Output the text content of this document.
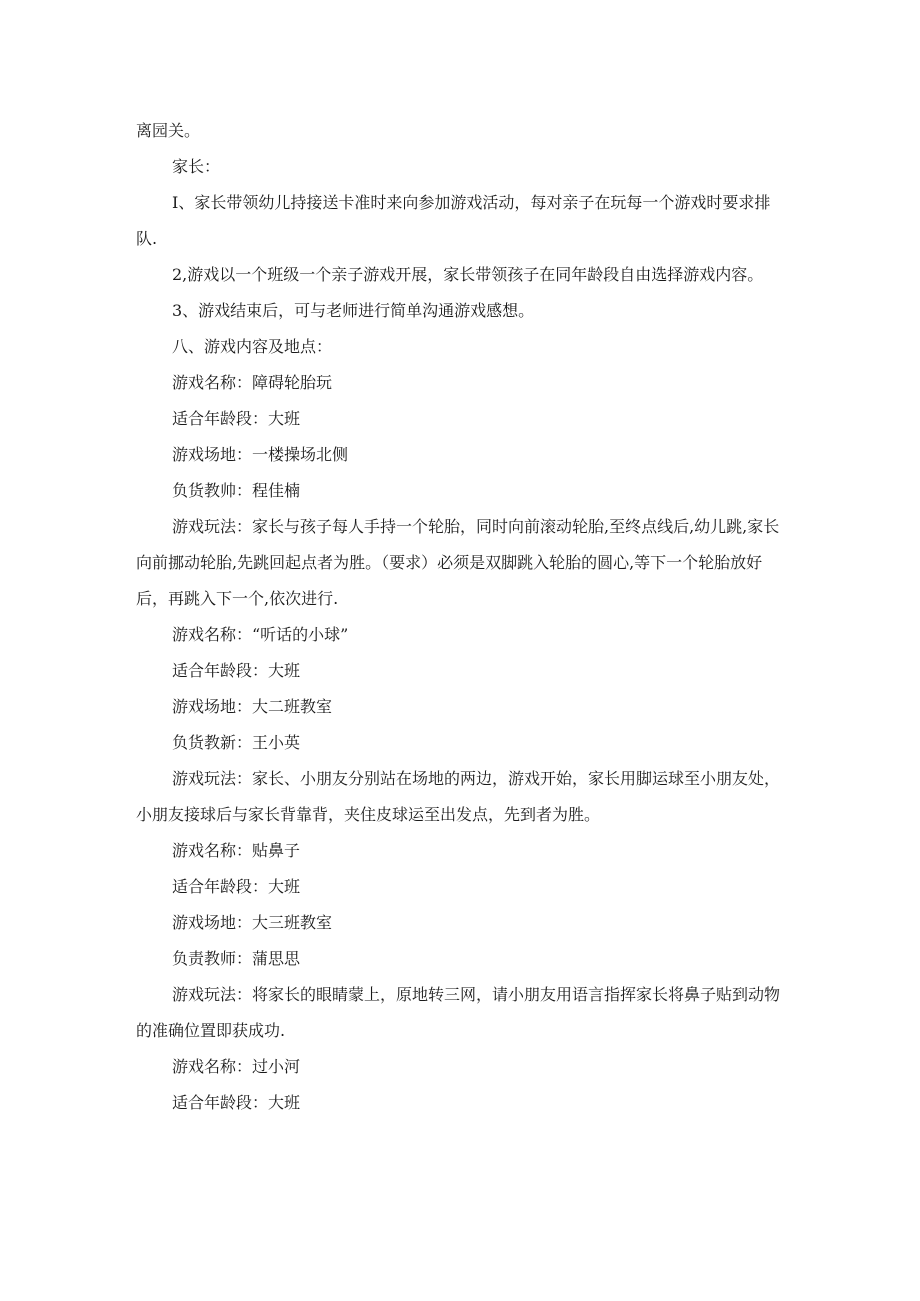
离园关。

家长：

I、家长带领幼儿持接送卡准时来向参加游戏活动，每对亲子在玩每一个游戏时要求排队.

2,游戏以一个班级一个亲子游戏开展，家长带领孩子在同年龄段自由选择游戏内容。

3、游戏结束后，可与老师进行简单沟通游戏感想。

八、游戏内容及地点：

游戏名称：障碍轮胎玩

适合年龄段：大班

游戏场地：一楼操场北侧

负货教帅：程佳楠

游戏玩法：家长与孩子每人手持一个轮胎，同时向前滚动轮胎,至终点线后,幼儿跳,家长向前挪动轮胎,先跳回起点者为胜。（要求）必须是双脚跳入轮胎的圆心,等下一个轮胎放好后，再跳入下一个,依次进行.

游戏名称：“听话的小球”

适合年龄段：大班

游戏场地：大二班教室

负货教新：王小英

游戏玩法：家长、小朋友分别站在场地的两边，游戏开始，家长用脚运球至小朋友处，小朋友接球后与家长背靠背，夹住皮球运至出发点，先到者为胜。

游戏名称：贴鼻子

适合年龄段：大班

游戏场地：大三班教室

负责教师：蒲思思

游戏玩法：将家长的眼睛蒙上，原地转三网，请小朋友用语言指挥家长将鼻子贴到动物的准确位置即获成功.

游戏名称：过小河

适合年龄段：大班
